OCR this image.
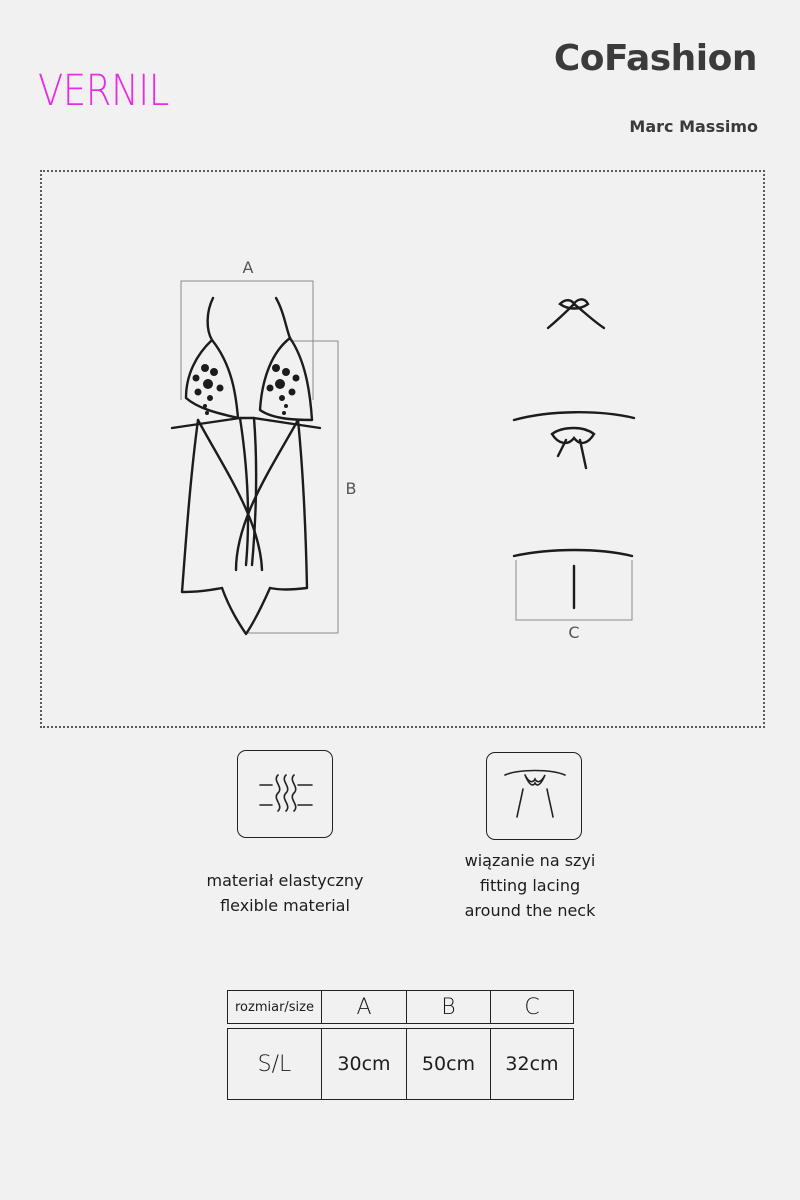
VERNIL
CoFashion
Marc Massimo
A
B
C
materiał elastyczny
flexible material
wiązanie na szyi
fitting lacing
around the neck
rozmiar/size	A	B	C
S/L	30cm	50cm	32cm
